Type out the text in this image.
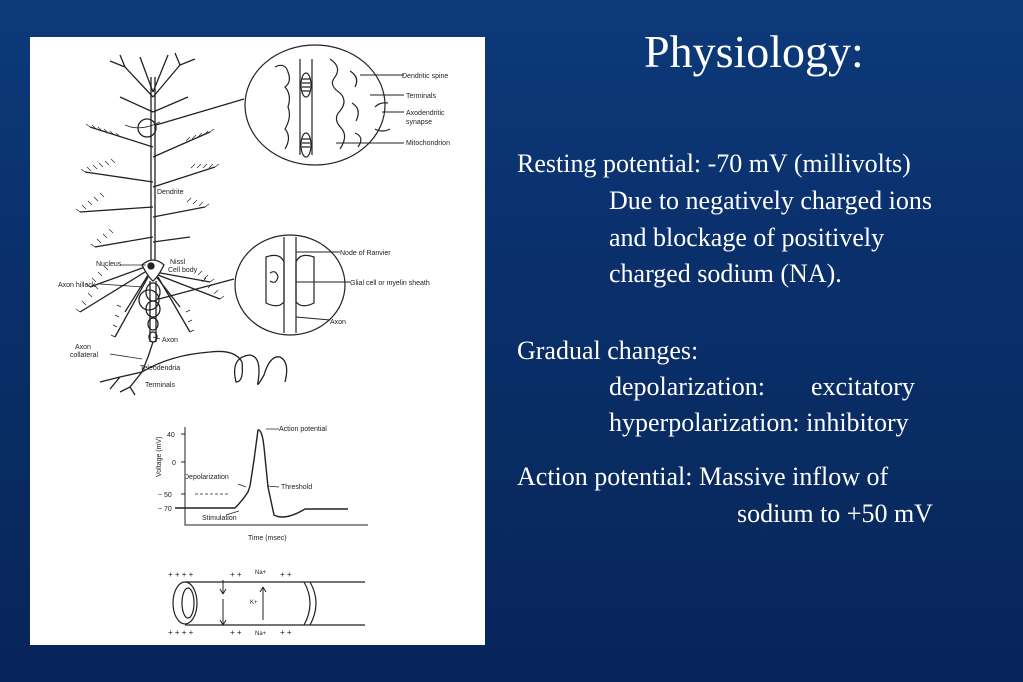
Dendritic spine
Terminals
Axodendritic
synapse
Mitochondrion
Dendrite
Nucleus	Nissl
Cell body
Axon hillock
Node of Ranvier
Glial cell or myelin sheath
Axon
Axon
Axon
collateral
Teleodendria
Terminals
Voltage (mV)
Time (msec)
40
0
− 50
− 70
Action potential
Depolarization
Threshold
Stimulation
+ + + +	+ +	+ +
Na+
K+
+ + + +	+ +	+ +
Na+
Physiology:

Resting potential: -70 mV (millivolts)

Due to negatively charged ions

and blockage of positively

charged sodium (NA).

Gradual changes:

depolarization: excitatory

hyperpolarization: inhibitory

Action potential: Massive inflow of

sodium to +50 mV
